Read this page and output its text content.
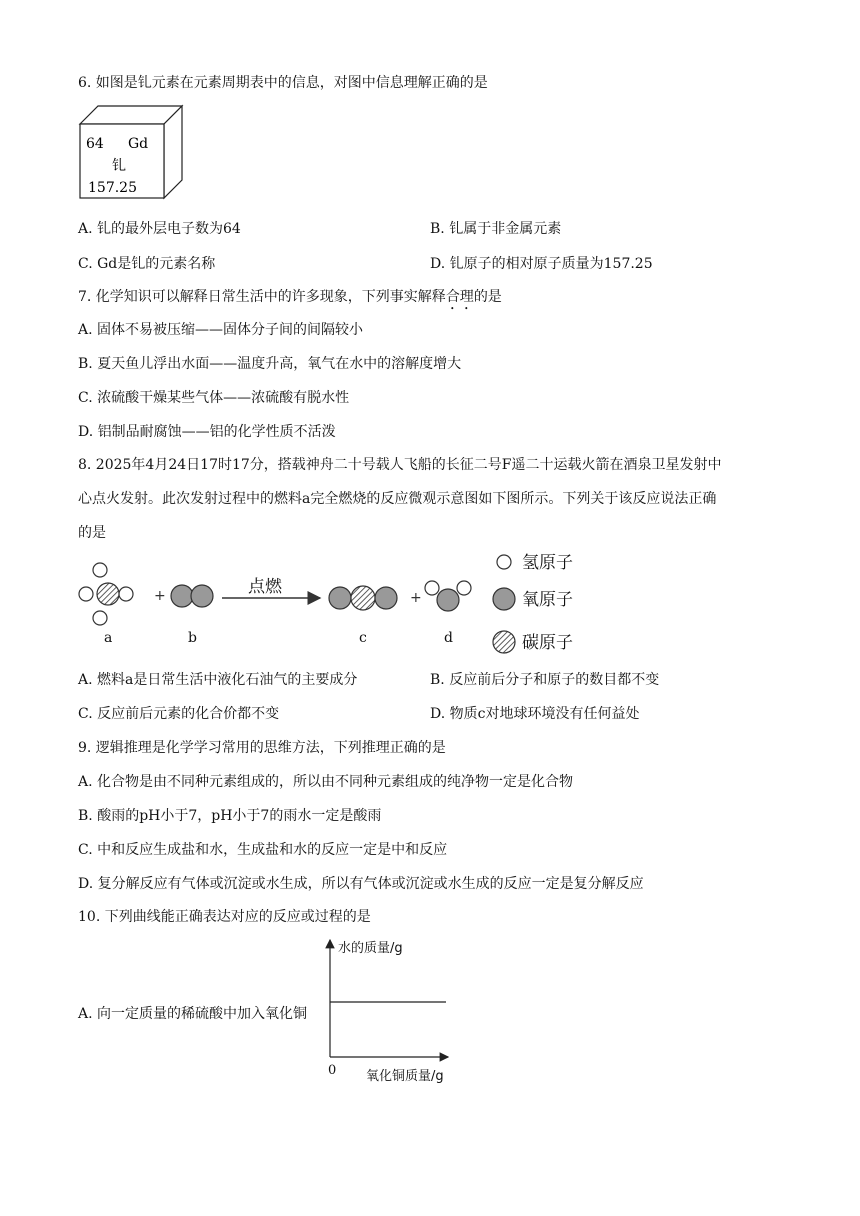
6. 如图是钆元素在元素周期表中的信息，对图中信息理解正确的是
64 Gd
钆
157.25
A. 钆的最外层电子数为64	B. 钆属于非金属元素
C. Gd是钆的元素名称	D. 钆原子的相对原子质量为157.25
7. 化学知识可以解释日常生活中的许多现象，下列事实解释合理的是
A. 固体不易被压缩——固体分子间的间隔较小
B. 夏天鱼儿浮出水面——温度升高，氧气在水中的溶解度增大
C. 浓硫酸干燥某些气体——浓硫酸有脱水性
D. 铝制品耐腐蚀——铝的化学性质不活泼
8. 2025年4月24日17时17分，搭载神舟二十号载人飞船的长征二号F遥二十运载火箭在酒泉卫星发射中
心点火发射。此次发射过程中的燃料a完全燃烧的反应微观示意图如下图所示。下列关于该反应说法正确
的是
+	点燃
+
a	b	c	d
氢原子
氧原子
碳原子
A. 燃料a是日常生活中液化石油气的主要成分	B. 反应前后分子和原子的数目都不变
C. 反应前后元素的化合价都不变	D. 物质c对地球环境没有任何益处
9. 逻辑推理是化学学习常用的思维方法，下列推理正确的是
A. 化合物是由不同种元素组成的，所以由不同种元素组成的纯净物一定是化合物
B. 酸雨的pH小于7，pH小于7的雨水一定是酸雨
C. 中和反应生成盐和水，生成盐和水的反应一定是中和反应
D. 复分解反应有气体或沉淀或水生成，所以有气体或沉淀或水生成的反应一定是复分解反应
10. 下列曲线能正确表达对应的反应或过程的是
A. 向一定质量的稀硫酸中加入氧化铜
水的质量/g
0 氧化铜质量/g
